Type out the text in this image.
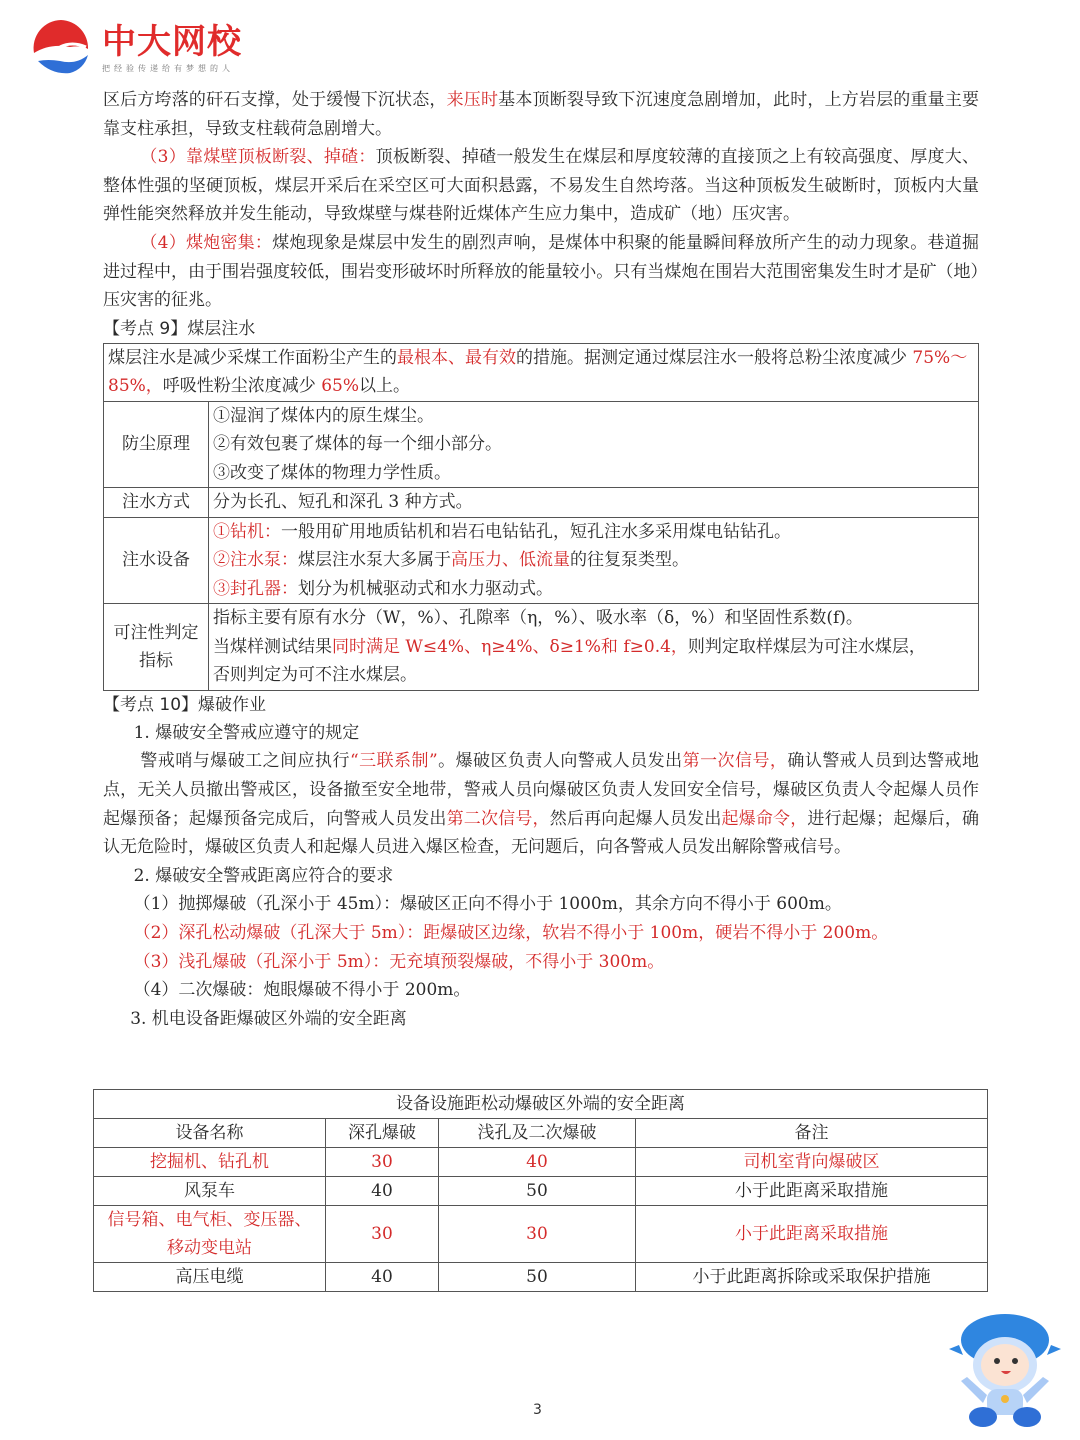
中大网校
把经验传递给有梦想的人

区后方垮落的矸石支撑，处于缓慢下沉状态，来压时基本顶断裂导致下沉速度急剧增加，此时，上方岩层的重量主要靠支柱承担，导致支柱载荷急剧增大。

（3）靠煤壁顶板断裂、掉碴：顶板断裂、掉碴一般发生在煤层和厚度较薄的直接顶之上有较高强度、厚度大、整体性强的坚硬顶板，煤层开采后在采空区可大面积悬露，不易发生自然垮落。当这种顶板发生破断时，顶板内大量弹性能突然释放并发生能动，导致煤壁与煤巷附近煤体产生应力集中，造成矿（地）压灾害。

（4）煤炮密集：煤炮现象是煤层中发生的剧烈声响，是煤体中积聚的能量瞬间释放所产生的动力现象。巷道掘进过程中，由于围岩强度较低，围岩变形破坏时所释放的能量较小。只有当煤炮在围岩大范围密集发生时才是矿（地）压灾害的征兆。

【考点 9】煤层注水
煤层注水是减少采煤工作面粉尘产生的最根本、最有效的措施。据测定通过煤层注水一般将总粉尘浓度减少 75%～85%，呼吸性粉尘浓度减少 65%以上。	
防尘原理	①湿润了煤体内的原生煤尘。
②有效包裹了煤体的每一个细小部分。
③改变了煤体的物理力学性质。

注水方式	分为长孔、短孔和深孔 3 种方式。
注水设备	①钻机：一般用矿用地质钻机和岩石电钻钻孔，短孔注水多采用煤电钻钻孔。
②注水泵：煤层注水泵大多属于高压力、低流量的往复泵类型。
③封孔器：划分为机械驱动式和水力驱动式。

可注性判定指标	指标主要有原有水分（W，%）、孔隙率（η，%）、吸水率（δ，%）和坚固性系数(f)。
当煤样测试结果同时满足 W≤4%、η≥4%、δ≥1%和 f≥0.4，则判定取样煤层为可注水煤层，
否则判定为可不注水煤层。
【考点 10】爆破作业

1. 爆破安全警戒应遵守的规定

警戒哨与爆破工之间应执行“三联系制”。爆破区负责人向警戒人员发出第一次信号，确认警戒人员到达警戒地点，无关人员撤出警戒区，设备撤至安全地带，警戒人员向爆破区负责人发回安全信号，爆破区负责人令起爆人员作起爆预备；起爆预备完成后，向警戒人员发出第二次信号，然后再向起爆人员发出起爆命令，进行起爆；起爆后，确认无危险时，爆破区负责人和起爆人员进入爆区检查，无问题后，向各警戒人员发出解除警戒信号。

2. 爆破安全警戒距离应符合的要求

（1）抛掷爆破（孔深小于 45m）：爆破区正向不得小于 1000m，其余方向不得小于 600m。

（2）深孔松动爆破（孔深大于 5m）：距爆破区边缘，软岩不得小于 100m，硬岩不得小于 200m。

（3）浅孔爆破（孔深小于 5m）：无充填预裂爆破，不得小于 300m。

（4）二次爆破：炮眼爆破不得小于 200m。

3. 机电设备距爆破区外端的安全距离

设备设施距松动爆破区外端的安全距离			
设备名称	深孔爆破	浅孔及二次爆破	备注
挖掘机、钻孔机	30	40	司机室背向爆破区
风泵车	40	50	小于此距离采取措施
信号箱、电气柜、变压器、移动变电站	30	30	小于此距离采取措施
高压电缆	40	50	小于此距离拆除或采取保护措施
3
